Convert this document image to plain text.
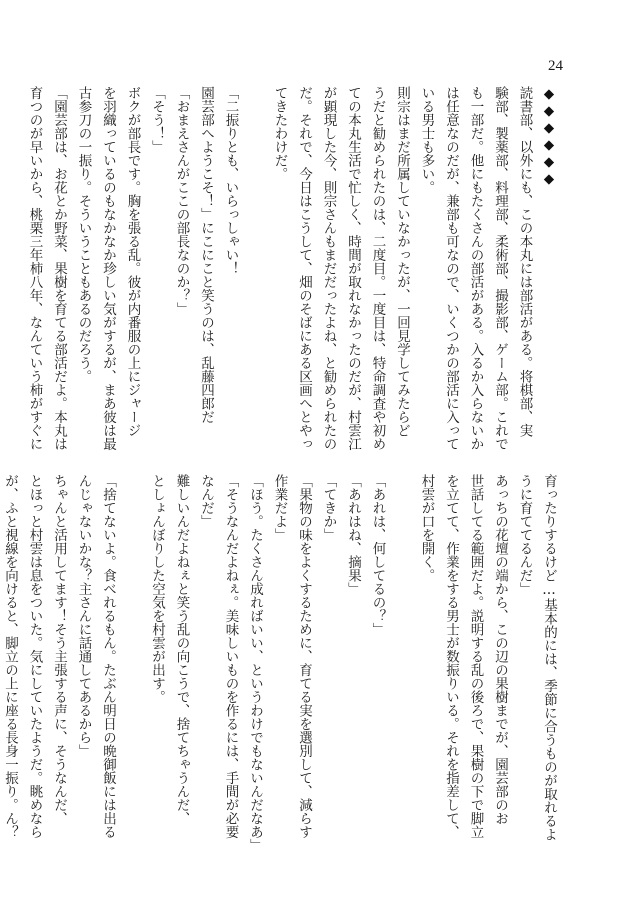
24

◆◆◆◆◆◆

読書部、以外にも、この本丸には部活がある。将棋部、実

験部、製薬部、料理部、柔術部、撮影部、ゲーム部。これで

も一部だ。他にもたくさんの部活がある。入るか入らないか

は任意なのだが、兼部も可なので、いくつかの部活に入って

いる男士も多い。

則宗はまだ所属していなかったが、一回見学してみたらど

うだと勧められたのは、二度目。一度目は、特命調査や初め

ての本丸生活で忙しく、時間が取れなかったのだが、村雲江

が顕現した今、則宗さんもまだだったよね、と勧められたの

だ。それで、今日はこうして、畑のそばにある区画へとやっ

てきたわけだ。

「二振りとも、いらっしゃい！

園芸部へようこそ！」にこにこと笑うのは、乱藤四郎だ

「おまえさんがここの部長なのか？」

「そう！」

ボクが部長です。胸を張る乱。彼が内番服の上にジャージ

を羽織っているのもなかなか珍しい気がするが、まあ彼は最

古参刀の一振り。そういうこともあるのだろう。

「園芸部は、お花とか野菜、果樹を育てる部活だよ。本丸は

育つのが早いから、桃栗三年柿八年、なんていう柿がすぐに

育ったりするけど…基本的には、季節に合うものが取れるよ

うに育ててるんだ」

あっちの花壇の端から、この辺の果樹までが、園芸部のお

世話してる範囲だよ。説明する乱の後ろで、果樹の下で脚立

を立てて、作業をする男士が数振りいる。それを指差して、

村雲が口を開く。

「あれは、何してるの？」

「あれはね、摘果」

「てきか」

「果物の味をよくするために、育てる実を選別して、減らす

作業だよ」

「ほう。たくさん成ればいい、というわけでもないんだなあ」

「そうなんだよねぇ。美味しいものを作るには、手間が必要

なんだ」

難しいんだよねぇと笑う乱の向こうで、捨てちゃうんだ、

としょんぼりした空気を村雲が出す。

「捨てないよ。食べれるもん。たぶん明日の晩御飯には出る

んじゃないかな？主さんに話通してあるから」

ちゃんと活用してます！そう主張する声に、そうなんだ、

とほっと村雲は息をついた。気にしていたようだ。眺めなら

が、ふと視線を向けると、脚立の上に座る長身一振り。ん？
